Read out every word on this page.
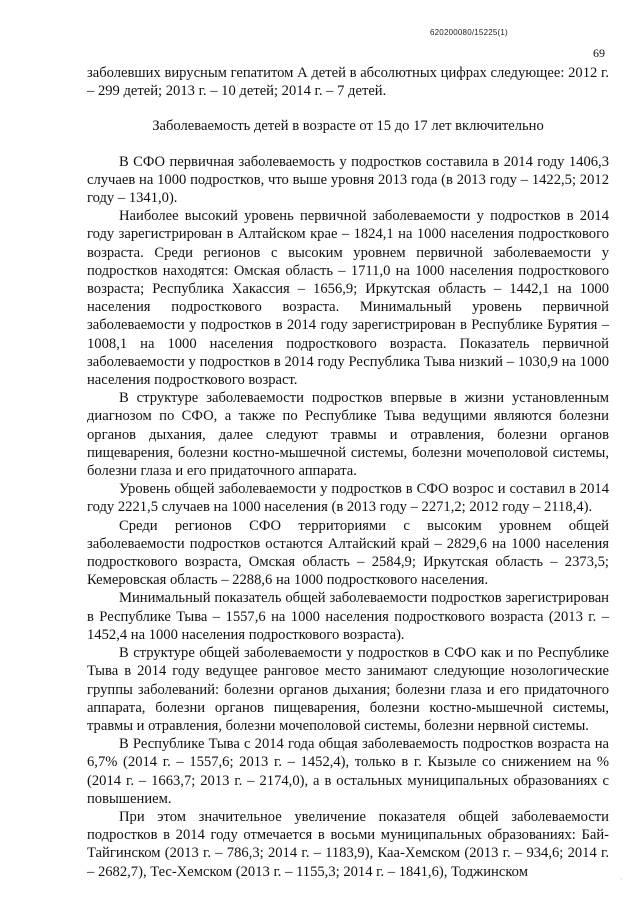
620200080/15225(1)
69

заболевших вирусным гепатитом А детей в абсолютных цифрах следующее: 2012 г. – 299 детей; 2013 г. – 10 детей; 2014 г. – 7 детей.

Заболеваемость детей в возрасте от 15 до 17 лет включительно

В СФО первичная заболеваемость у подростков составила в 2014 году 1406,3 случаев на 1000 подростков, что выше уровня 2013 года (в 2013 году – 1422,5; 2012 году – 1341,0).

Наиболее высокий уровень первичной заболеваемости у подростков в 2014 году зарегистрирован в Алтайском крае – 1824,1 на 1000 населения подросткового возраста. Среди регионов с высоким уровнем первичной заболеваемости у подростков находятся: Омская область – 1711,0 на 1000 населения подросткового возраста; Республика Хакассия – 1656,9; Иркутская область – 1442,1 на 1000 населения подросткового возраста. Минимальный уровень первичной заболеваемости у подростков в 2014 году зарегистрирован в Республике Бурятия – 1008,1 на 1000 населения подросткового возраста. Показатель первичной заболеваемости у подростков в 2014 году Республика Тыва низкий – 1030,9 на 1000 населения подросткового возраст.

В структуре заболеваемости подростков впервые в жизни установленным диагнозом по СФО, а также по Республике Тыва ведущими являются болезни органов дыхания, далее следуют травмы и отравления, болезни органов пищеварения, болезни костно-мышечной системы, болезни мочеполовой системы, болезни глаза и его придаточного аппарата.

Уровень общей заболеваемости у подростков в СФО возрос и составил в 2014 году 2221,5 случаев на 1000 населения (в 2013 году – 2271,2; 2012 году – 2118,4).

Среди регионов СФО территориями с высоким уровнем общей заболеваемости подростков остаются Алтайский край – 2829,6 на 1000 населения подросткового возраста, Омская область – 2584,9; Иркутская область – 2373,5; Кемеровская область – 2288,6 на 1000 подросткового населения.

Минимальный показатель общей заболеваемости подростков зарегистрирован в Республике Тыва – 1557,6 на 1000 населения подросткового возраста (2013 г. – 1452,4 на 1000 населения подросткового возраста).

В структуре общей заболеваемости у подростков в СФО как и по Республике Тыва в 2014 году ведущее ранговое место занимают следующие нозологические группы заболеваний: болезни органов дыхания; болезни глаза и его придаточного аппарата, болезни органов пищеварения, болезни костно-мышечной системы, травмы и отравления, болезни мочеполовой системы, болезни нервной системы.

В Республике Тыва с 2014 года общая заболеваемость подростков возраста на 6,7% (2014 г. – 1557,6; 2013 г. – 1452,4), только в г. Кызыле со снижением на % (2014 г. – 1663,7; 2013 г. – 2174,0), а в остальных муниципальных образованиях с повышением.

При этом значительное увеличение показателя общей заболеваемости подростков в 2014 году отмечается в восьми муниципальных образованиях: Бай-Тайгинском (2013 г. – 786,3; 2014 г. – 1183,9), Каа-Хемском (2013 г. – 934,6; 2014 г. – 2682,7), Тес-Хемском (2013 г. – 1155,3; 2014 г. – 1841,6), Тоджинском	·
